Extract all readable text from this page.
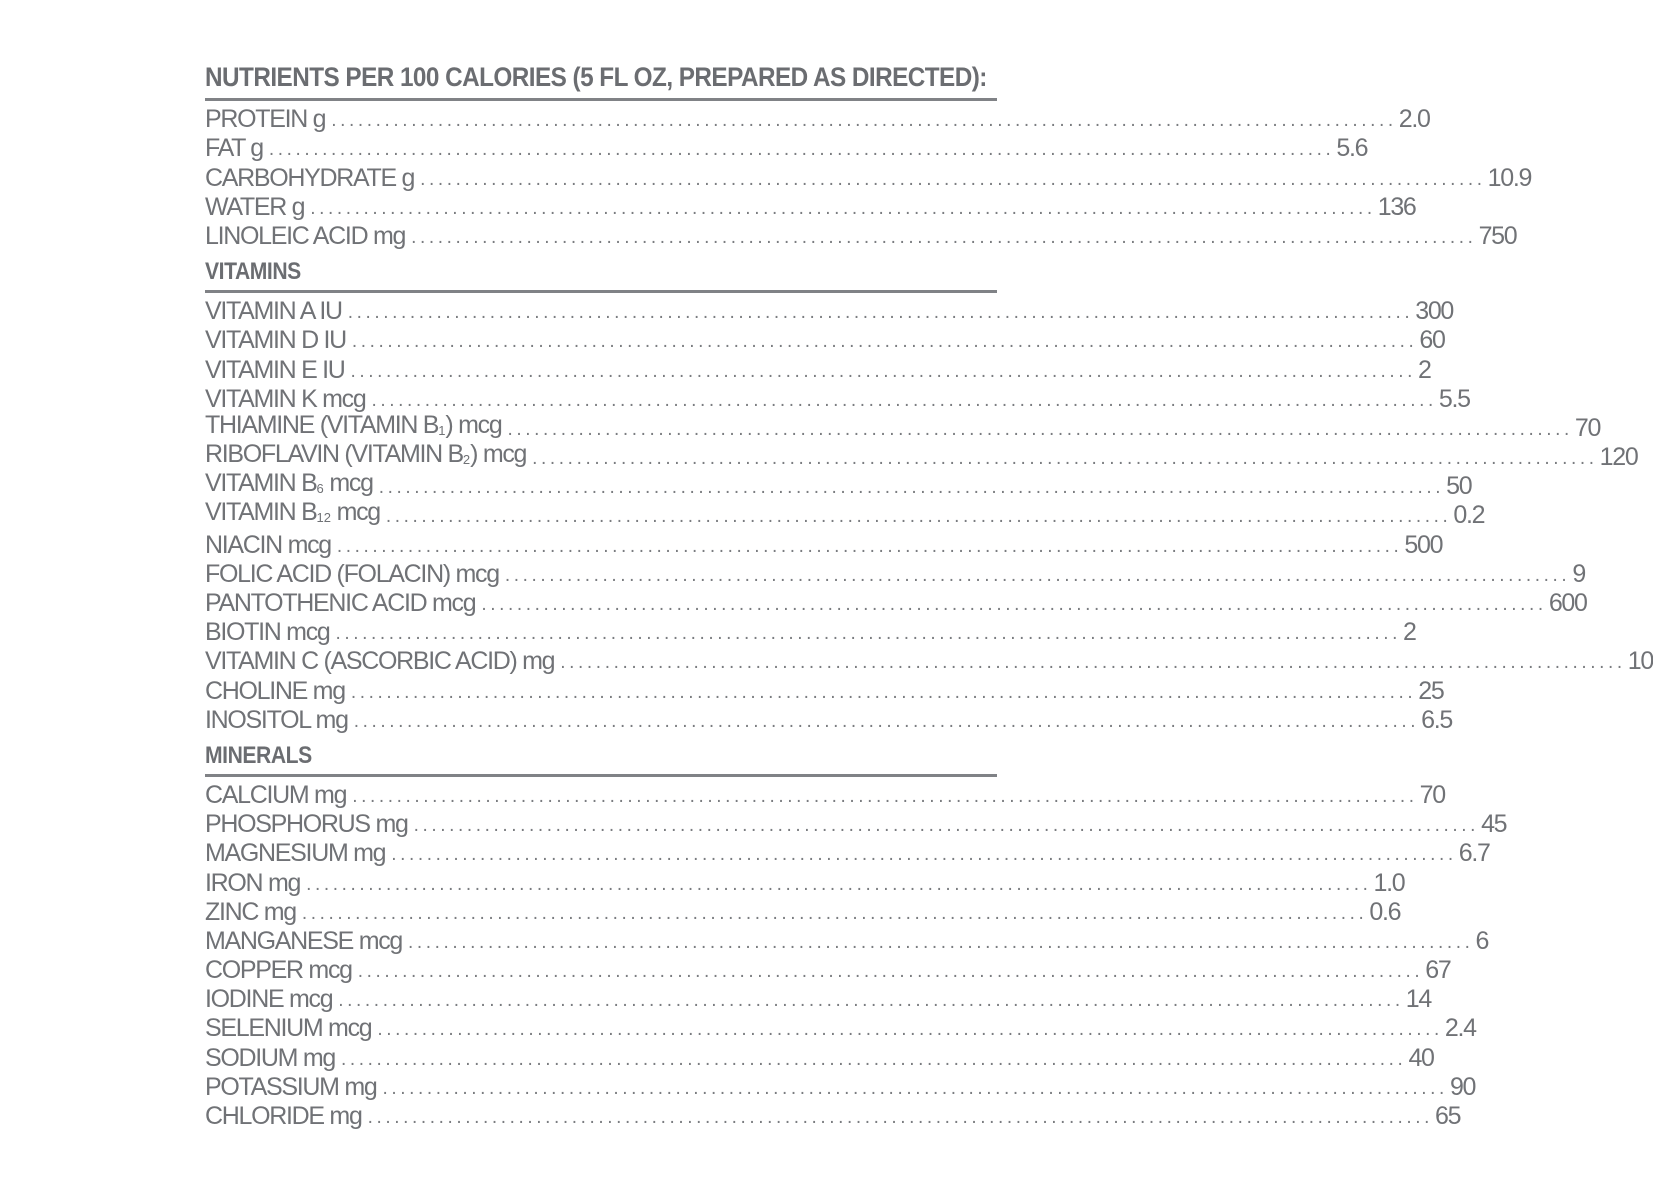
NUTRIENTS PER 100 CALORIES (5 FL OZ, PREPARED AS DIRECTED):
PROTEIN g ........................................................................................................................ 2.0
FAT g ........................................................................................................................ 5.6
CARBOHYDRATE g ........................................................................................................................ 10.9
WATER g ........................................................................................................................ 136
LINOLEIC ACID mg ........................................................................................................................ 750
VITAMINS
VITAMIN A IU ........................................................................................................................ 300
VITAMIN D IU ........................................................................................................................ 60
VITAMIN E IU ........................................................................................................................ 2
VITAMIN K mcg ........................................................................................................................ 5.5
THIAMINE (VITAMIN $B_1$) mcg ........................................................................................................................ 70
RIBOFLAVIN (VITAMIN $B_2$) mcg ........................................................................................................................ 120
VITAMIN $B_6$ mcg ........................................................................................................................ 50
VITAMIN $B_{12}$ mcg ........................................................................................................................ 0.2
NIACIN mcg ........................................................................................................................ 500
FOLIC ACID (FOLACIN) mcg ........................................................................................................................ 9
PANTOTHENIC ACID mcg ........................................................................................................................ 600
BIOTIN mcg ........................................................................................................................ 2
VITAMIN C (ASCORBIC ACID) mg ........................................................................................................................ 10
CHOLINE mg ........................................................................................................................ 25
INOSITOL mg ........................................................................................................................ 6.5
MINERALS
CALCIUM mg ........................................................................................................................ 70
PHOSPHORUS mg ........................................................................................................................ 45
MAGNESIUM mg ........................................................................................................................ 6.7
IRON mg ........................................................................................................................ 1.0
ZINC mg ........................................................................................................................ 0.6
MANGANESE mcg ........................................................................................................................ 6
COPPER mcg ........................................................................................................................ 67
IODINE mcg ........................................................................................................................ 14
SELENIUM mcg ........................................................................................................................ 2.4
SODIUM mg ........................................................................................................................ 40
POTASSIUM mg ........................................................................................................................ 90
CHLORIDE mg ........................................................................................................................ 65
